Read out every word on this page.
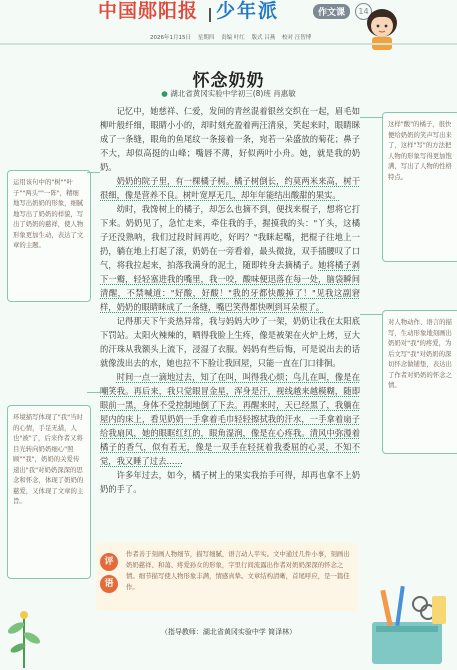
中国郧阳报 少年派	作文课	14
2026年1月15日 星期四 责编 叶红 版式 吕燕 校对 汪智博
怀念奶奶
● 湖北省黄冈实验中学初三(8)班 肖惠敏

记忆中，她慈祥、仁爱，发间的青丝混着银丝交织在一起，眉毛如柳叶般纤细，眼睛小小的，却时刻充盈着两汪清泉，笑起来时，眼睛眯成了一条缝，眼角的鱼尾纹一条接着一条，宛若一朵盛放的菊花；鼻子不大，却似高挺的山峰；嘴唇不薄，好似两叶小舟。她，就是我的奶奶。

奶奶的院子里，有一棵橘子树。橘子树倒长，约莫两米来高，树干很细，像是营养不良。树叶宽厚无几，却年年能结出酸甜的果实。

幼时，我馋树上的橘子，却怎么也摘不到，便找来棍子，想将它打下来。奶奶见了，急忙走来，牵住我的手，握摸我的头："丫头，这橘子还没熟呐，我们过段时间再吃，好吗？"我眯起嘴，把棍子往地上一扔，躺在地上打起了滚，奶奶在一旁看着，最头微拢，双手插腰叹了口气，将我拉起来，拍落我满身的泥土，随即转身去摘橘子。她将橘子剥下一瓣，轻轻塞进我的嘴里，我一咬，酸味便迅落在每一处，脑袋瞬间清醒，不禁喊道："好酸，好酸！"我的牙都快酸掉了！"见我这副窘样，奶奶的眼睛眯成了一条缝，嘴巴笑得都快咧到耳朵根了。

记得那天下午炎热异常，我与妈妈大吵了一架，奶奶让我在太阳底下罚站。太阳火辣辣的，晒得我脸上生疼，像是被架在火炉上烤，豆大的汗珠从我额头上流下，浸湿了衣服。妈妈有些后悔，可是说出去的话就像泼出去的水，她也拉不下脸让我回屋，只能一直在门口徘徊。

时间一点一滴地过去，知了在叫，叫得我心烦；鸟儿在叫，像是在嘲笑我。再后来，我只觉眼冒金星，浑身是汗，视线越来越模糊，随即眼前一黑，身体不受控制地倒了下去。再醒来时，天已经黑了，我躺在屋内的床上，看见奶奶一手拿着毛巾轻轻擦拭我的汗水，一手拿着扇子给我扇风，她的眼眶红红的，眼角湿润，像是在心疼我。清风中弥漫着橘子的香气，似有若无，像是一双手在轻抚着我委屈的心灵，不知不觉，我又睡了过去……

许多年过去，如今，橘子树上的果实我抬手可得，却再也拿不上奶奶的手了。

运用该句中的"树""叶子""两头""一阵"，精细地写出奶奶的形象，细腻地写出了奶奶的样貌，写出了奶奶的慈祥，使人物形象更加生动，表达了文章的主题。

环境描写体现了"我"当时的心情，手足无措，人也"被"了，后来作者又将目光转向奶奶细心"照顾""我"，奶奶的关爱传递出"我"对奶奶深深的思念和怀念，体现了奶奶的慈爱，又体现了文章的主旨。

这样"酸"的橘子，很快便给奶奶的笑声写出来了，这样"写"的方法把人物的形象写得更加饱满，写出了人物的性格特点。

对人物动作、语言的描写，生动形象地刻画出奶奶对"我"的疼爱，为后文写"我"对奶奶的深切怀念做铺垫，表达出了作者对奶奶的怀念之情。

评
语

作者善于刻画人物细节，描写细腻，语言动人平实。文中通过几件小事，刻画出奶奶慈祥、和蔼、疼爱孙女的形象，字里行间流露出作者对奶奶深深的怀念之情。细节描写使人物形象丰满，情感真挚。文章结构清晰，首尾呼应，是一篇佳作。

（指导教师：湖北省黄冈实验中学 简泽林）
